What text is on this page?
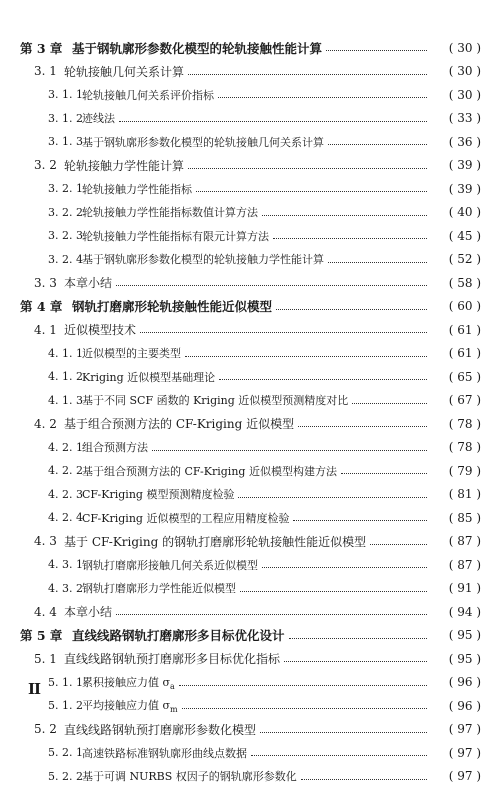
第 3 章 基于钢轨廓形参数化模型的轮轨接触性能计算	( 30 )
3. 1 轮轨接触几何关系计算	( 30 )
3. 1. 1 轮轨接触几何关系评价指标	( 30 )
3. 1. 2 迹线法	( 33 )
3. 1. 3 基于钢轨廓形参数化模型的轮轨接触几何关系计算	( 36 )
3. 2 轮轨接触力学性能计算	( 39 )
3. 2. 1 轮轨接触力学性能指标	( 39 )
3. 2. 2 轮轨接触力学性能指标数值计算方法	( 40 )
3. 2. 3 轮轨接触力学性能指标有限元计算方法	( 45 )
3. 2. 4 基于钢轨廓形参数化模型的轮轨接触力学性能计算	( 52 )
3. 3 本章小结	( 58 )
第 4 章 钢轨打磨廓形轮轨接触性能近似模型	( 60 )
4. 1 近似模型技术	( 61 )
4. 1. 1 近似模型的主要类型	( 61 )
4. 1. 2 Kriging 近似模型基础理论	( 65 )
4. 1. 3 基于不同 SCF 函数的 Kriging 近似模型预测精度对比	( 67 )
4. 2 基于组合预测方法的 CF-Kriging 近似模型	( 78 )
4. 2. 1 组合预测方法	( 78 )
4. 2. 2 基于组合预测方法的 CF-Kriging 近似模型构建方法	( 79 )
4. 2. 3 CF-Kriging 模型预测精度检验	( 81 )
4. 2. 4 CF-Kriging 近似模型的工程应用精度检验	( 85 )
4. 3 基于 CF-Kriging 的钢轨打磨廓形轮轨接触性能近似模型	( 87 )
4. 3. 1 钢轨打磨廓形接触几何关系近似模型	( 87 )
4. 3. 2 钢轨打磨廓形力学性能近似模型	( 91 )
4. 4 本章小结	( 94 )
第 5 章 直线线路钢轨打磨廓形多目标优化设计	( 95 )
5. 1 直线线路钢轨预打磨廓形多目标优化指标	( 95 )
5. 1. 1 累积接触应力值 $\sigma_a$	( 96 )
5. 1. 2 平均接触应力值 $\sigma_m$	( 96 )
5. 2 直线线路钢轨预打磨廓形参数化模型	( 97 )
5. 2. 1 高速铁路标准钢轨廓形曲线点数据	( 97 )
5. 2. 2 基于可调 NURBS 权因子的钢轨廓形参数化	( 97 )
II
